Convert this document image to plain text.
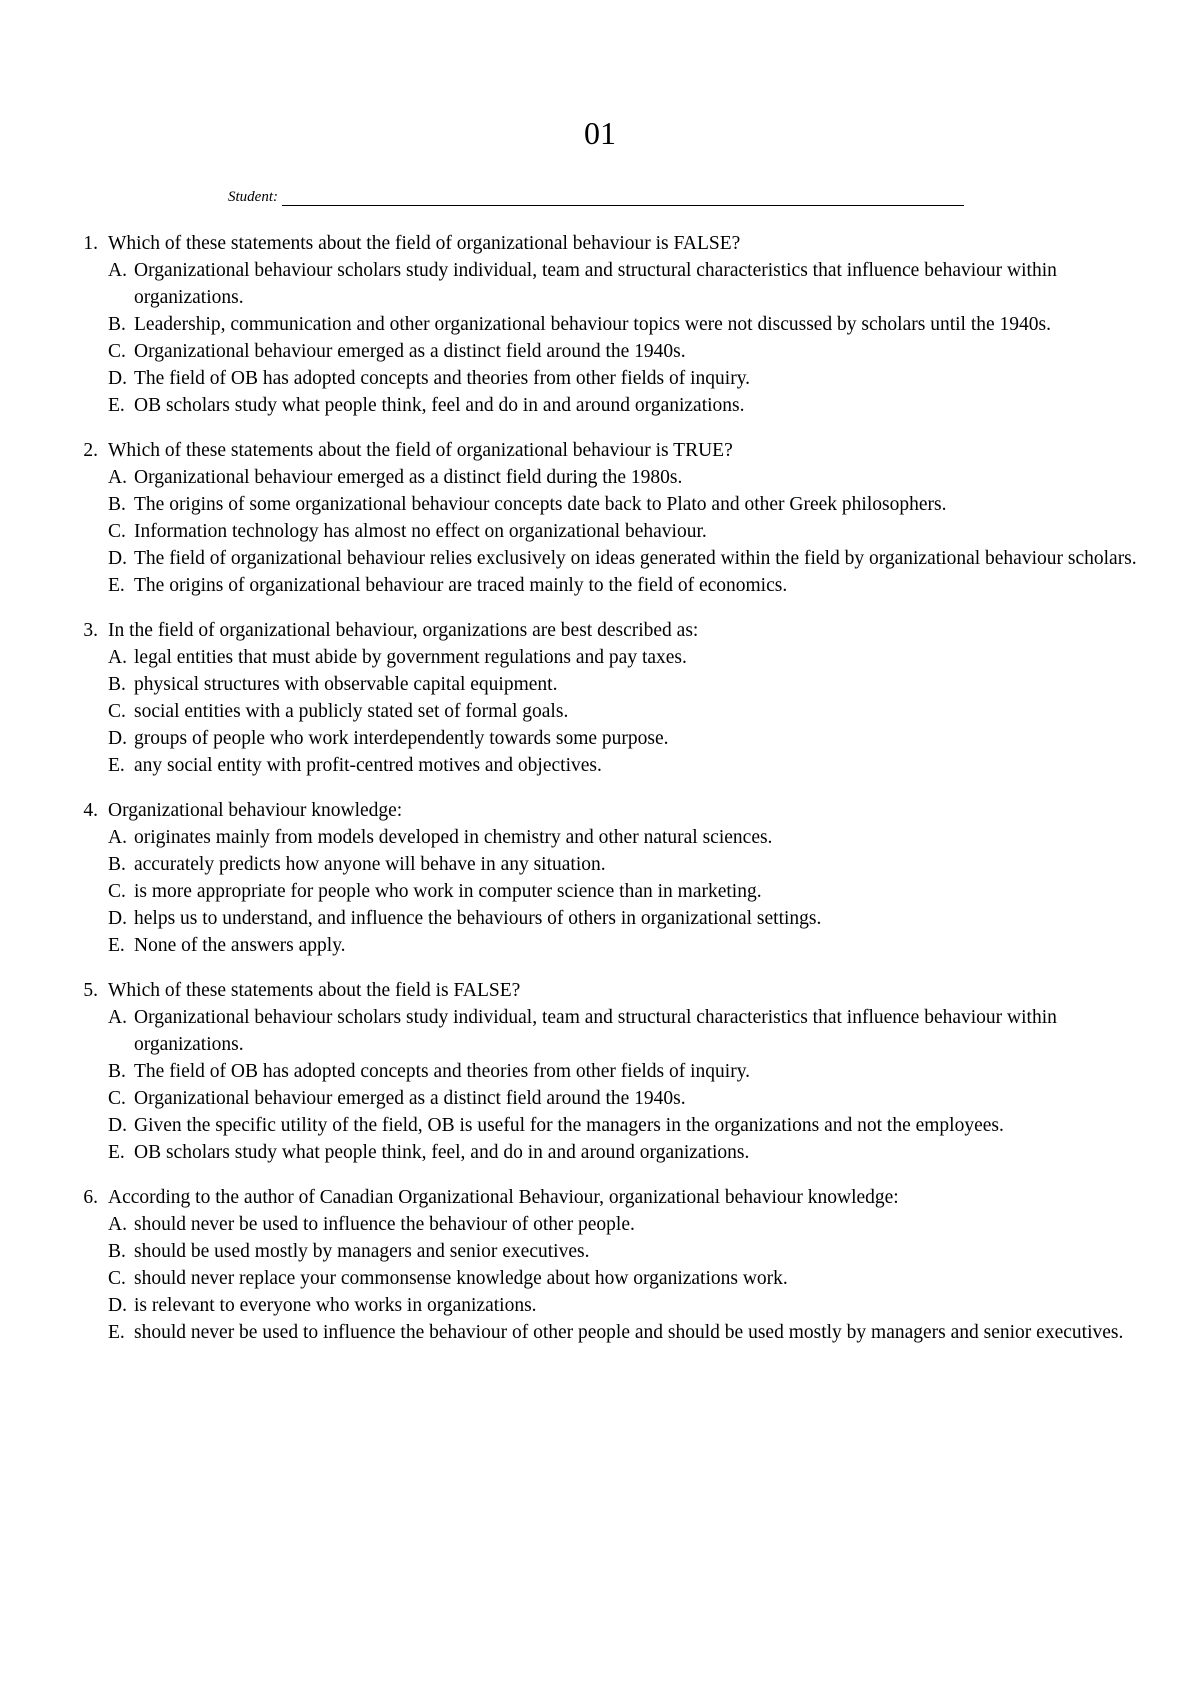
01
Student:
1. Which of these statements about the field of organizational behaviour is FALSE?

A. Organizational behaviour scholars study individual, team and structural characteristics that influence behaviour within organizations.
B. Leadership, communication and other organizational behaviour topics were not discussed by scholars until the 1940s.
C. Organizational behaviour emerged as a distinct field around the 1940s.
D. The field of OB has adopted concepts and theories from other fields of inquiry.
E. OB scholars study what people think, feel and do in and around organizations.
2. Which of these statements about the field of organizational behaviour is TRUE?

A. Organizational behaviour emerged as a distinct field during the 1980s.
B. The origins of some organizational behaviour concepts date back to Plato and other Greek philosophers.
C. Information technology has almost no effect on organizational behaviour.
D. The field of organizational behaviour relies exclusively on ideas generated within the field by organizational behaviour scholars.
E. The origins of organizational behaviour are traced mainly to the field of economics.
3. In the field of organizational behaviour, organizations are best described as:

A. legal entities that must abide by government regulations and pay taxes.
B. physical structures with observable capital equipment.
C. social entities with a publicly stated set of formal goals.
D. groups of people who work interdependently towards some purpose.
E. any social entity with profit-centred motives and objectives.
4. Organizational behaviour knowledge:

A. originates mainly from models developed in chemistry and other natural sciences.
B. accurately predicts how anyone will behave in any situation.
C. is more appropriate for people who work in computer science than in marketing.
D. helps us to understand, and influence the behaviours of others in organizational settings.
E. None of the answers apply.
5. Which of these statements about the field is FALSE?

A. Organizational behaviour scholars study individual, team and structural characteristics that influence behaviour within organizations.
B. The field of OB has adopted concepts and theories from other fields of inquiry.
C. Organizational behaviour emerged as a distinct field around the 1940s.
D. Given the specific utility of the field, OB is useful for the managers in the organizations and not the employees.
E. OB scholars study what people think, feel, and do in and around organizations.
6. According to the author of Canadian Organizational Behaviour, organizational behaviour knowledge:

A. should never be used to influence the behaviour of other people.
B. should be used mostly by managers and senior executives.
C. should never replace your commonsense knowledge about how organizations work.
D. is relevant to everyone who works in organizations.
E. should never be used to influence the behaviour of other people and should be used mostly by managers and senior executives.
